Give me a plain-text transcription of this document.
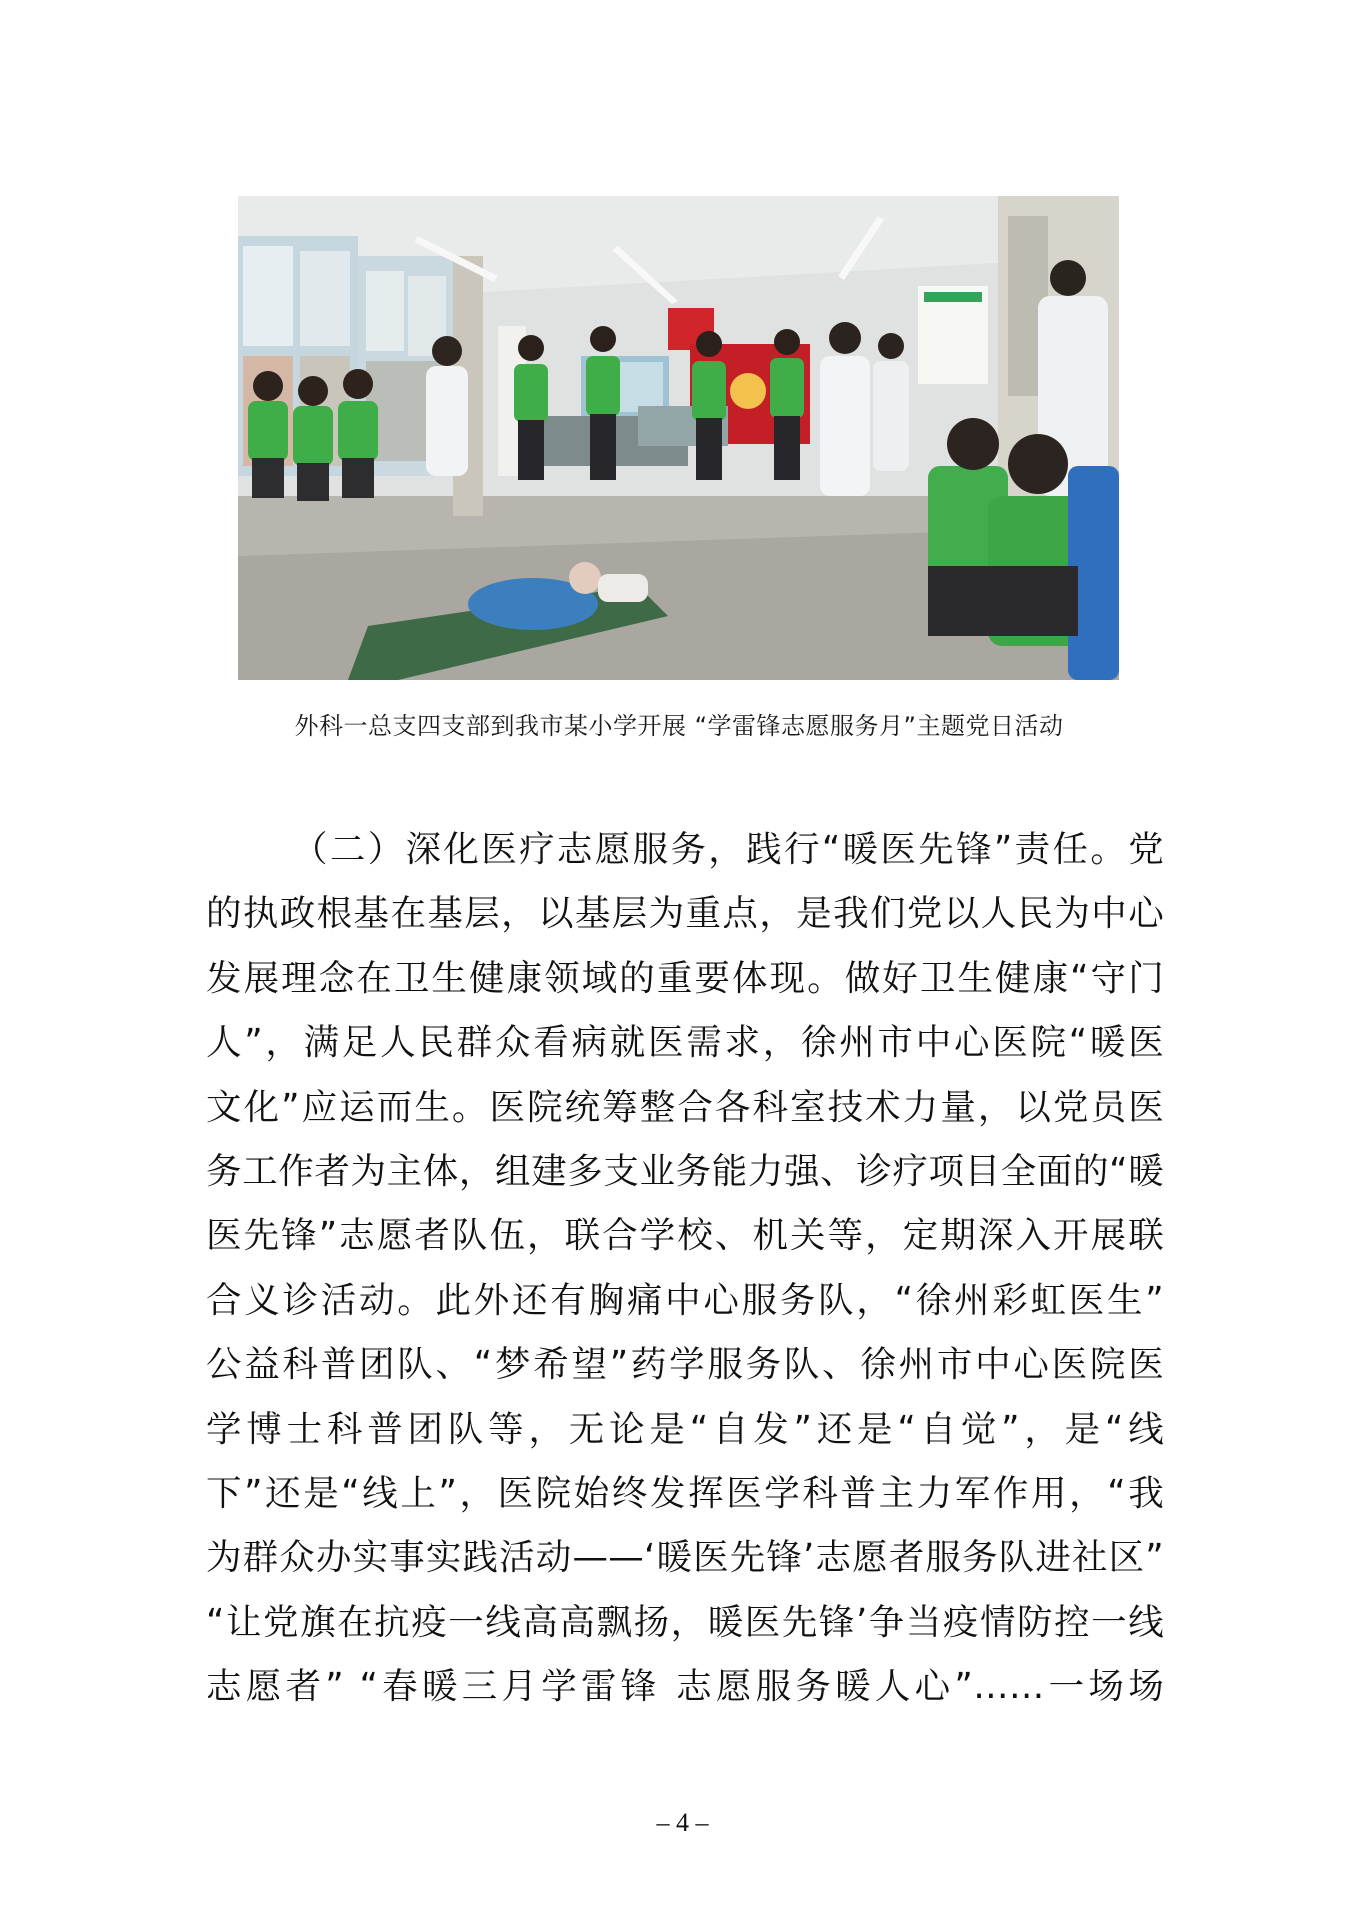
外科一总支四支部到我市某小学开展 “学雷锋志愿服务月”主题党日活动
（二）深化医疗志愿服务，践行“暖医先锋”责任。党
的执政根基在基层，以基层为重点，是我们党以人民为中心
发展理念在卫生健康领域的重要体现。做好卫生健康“守门
人”，满足人民群众看病就医需求，徐州市中心医院“暖医
文化”应运而生。医院统筹整合各科室技术力量，以党员医
务工作者为主体，组建多支业务能力强、诊疗项目全面的“暖
医先锋”志愿者队伍，联合学校、机关等，定期深入开展联
合义诊活动。此外还有胸痛中心服务队，“徐州彩虹医生”
公益科普团队、“梦希望”药学服务队、徐州市中心医院医
学博士科普团队等，无论是“自发”还是“自觉”，是“线
下”还是“线上”，医院始终发挥医学科普主力军作用，“我
为群众办实事实践活动——‘暖医先锋’志愿者服务队进社区”
“让党旗在抗疫一线高高飘扬，暖医先锋’争当疫情防控一线
志愿者” “春暖三月学雷锋 志愿服务暖人心”……一场场
– 4 –
